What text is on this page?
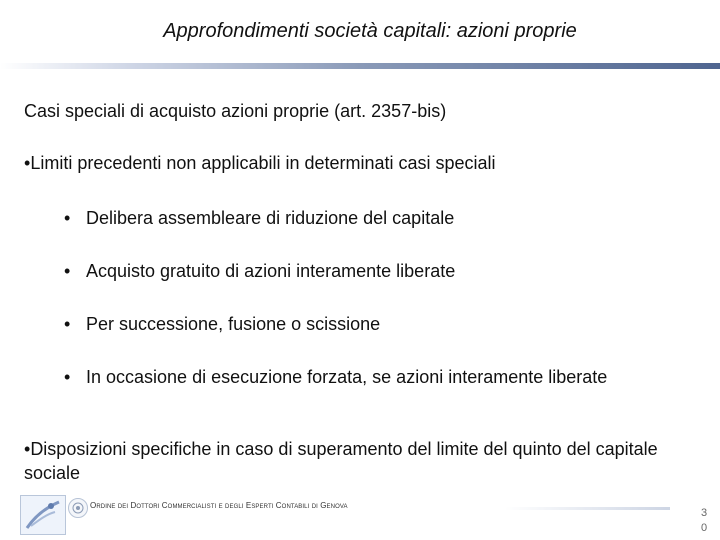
Approfondimenti società capitali: azioni proprie
Casi speciali di acquisto azioni proprie (art. 2357-bis)
•Limiti precedenti non applicabili in determinati casi speciali
• Delibera assembleare di riduzione del capitale
• Acquisto gratuito di azioni interamente liberate
• Per successione, fusione o scissione
• In occasione di esecuzione forzata, se azioni interamente liberate
•Disposizioni specifiche in caso di superamento del limite del quinto del capitale sociale
Ordine dei Dottori Commercialisti e degli Esperti Contabili di Genova
3
0
